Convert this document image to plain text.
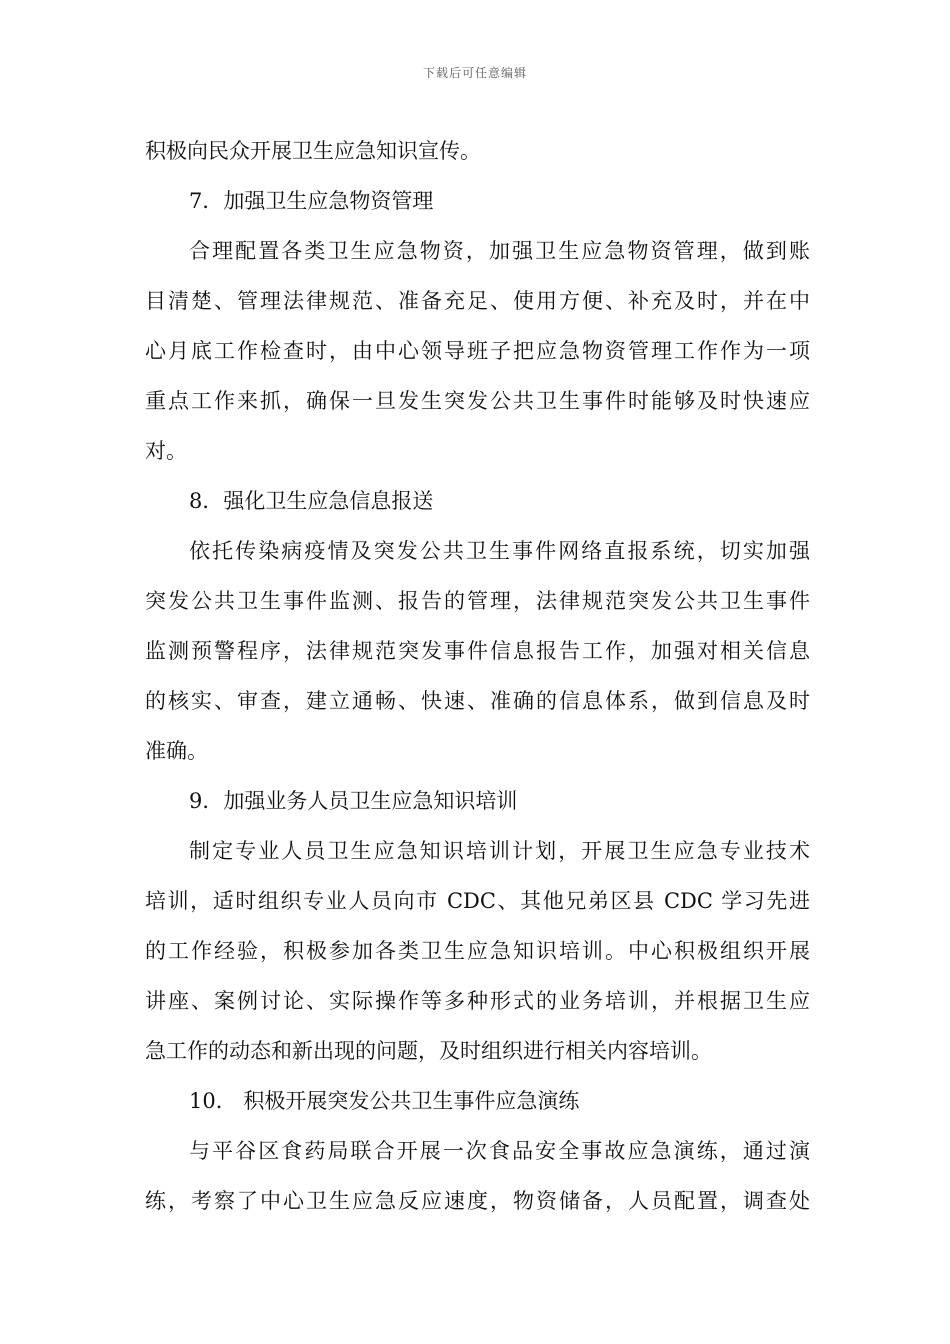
下载后可任意编辑
积极向民众开展卫生应急知识宣传。
7．加强卫生应急物资管理
合理配置各类卫生应急物资，加强卫生应急物资管理，做到账
目清楚、管理法律规范、准备充足、使用方便、补充及时，并在中
心月底工作检查时，由中心领导班子把应急物资管理工作作为一项
重点工作来抓，确保一旦发生突发公共卫生事件时能够及时快速应
对。
8．强化卫生应急信息报送
依托传染病疫情及突发公共卫生事件网络直报系统，切实加强
突发公共卫生事件监测、报告的管理，法律规范突发公共卫生事件
监测预警程序，法律规范突发事件信息报告工作，加强对相关信息
的核实、审查，建立通畅、快速、准确的信息体系，做到信息及时
准确。
9．加强业务人员卫生应急知识培训
制定专业人员卫生应急知识培训计划，开展卫生应急专业技术
培训，适时组织专业人员向市 CDC、其他兄弟区县 CDC 学习先进
的工作经验，积极参加各类卫生应急知识培训。中心积极组织开展
讲座、案例讨论、实际操作等多种形式的业务培训，并根据卫生应
急工作的动态和新出现的问题，及时组织进行相关内容培训。
10． 积极开展突发公共卫生事件应急演练
与平谷区食药局联合开展一次食品安全事故应急演练，通过演
练，考察了中心卫生应急反应速度，物资储备，人员配置，调查处
